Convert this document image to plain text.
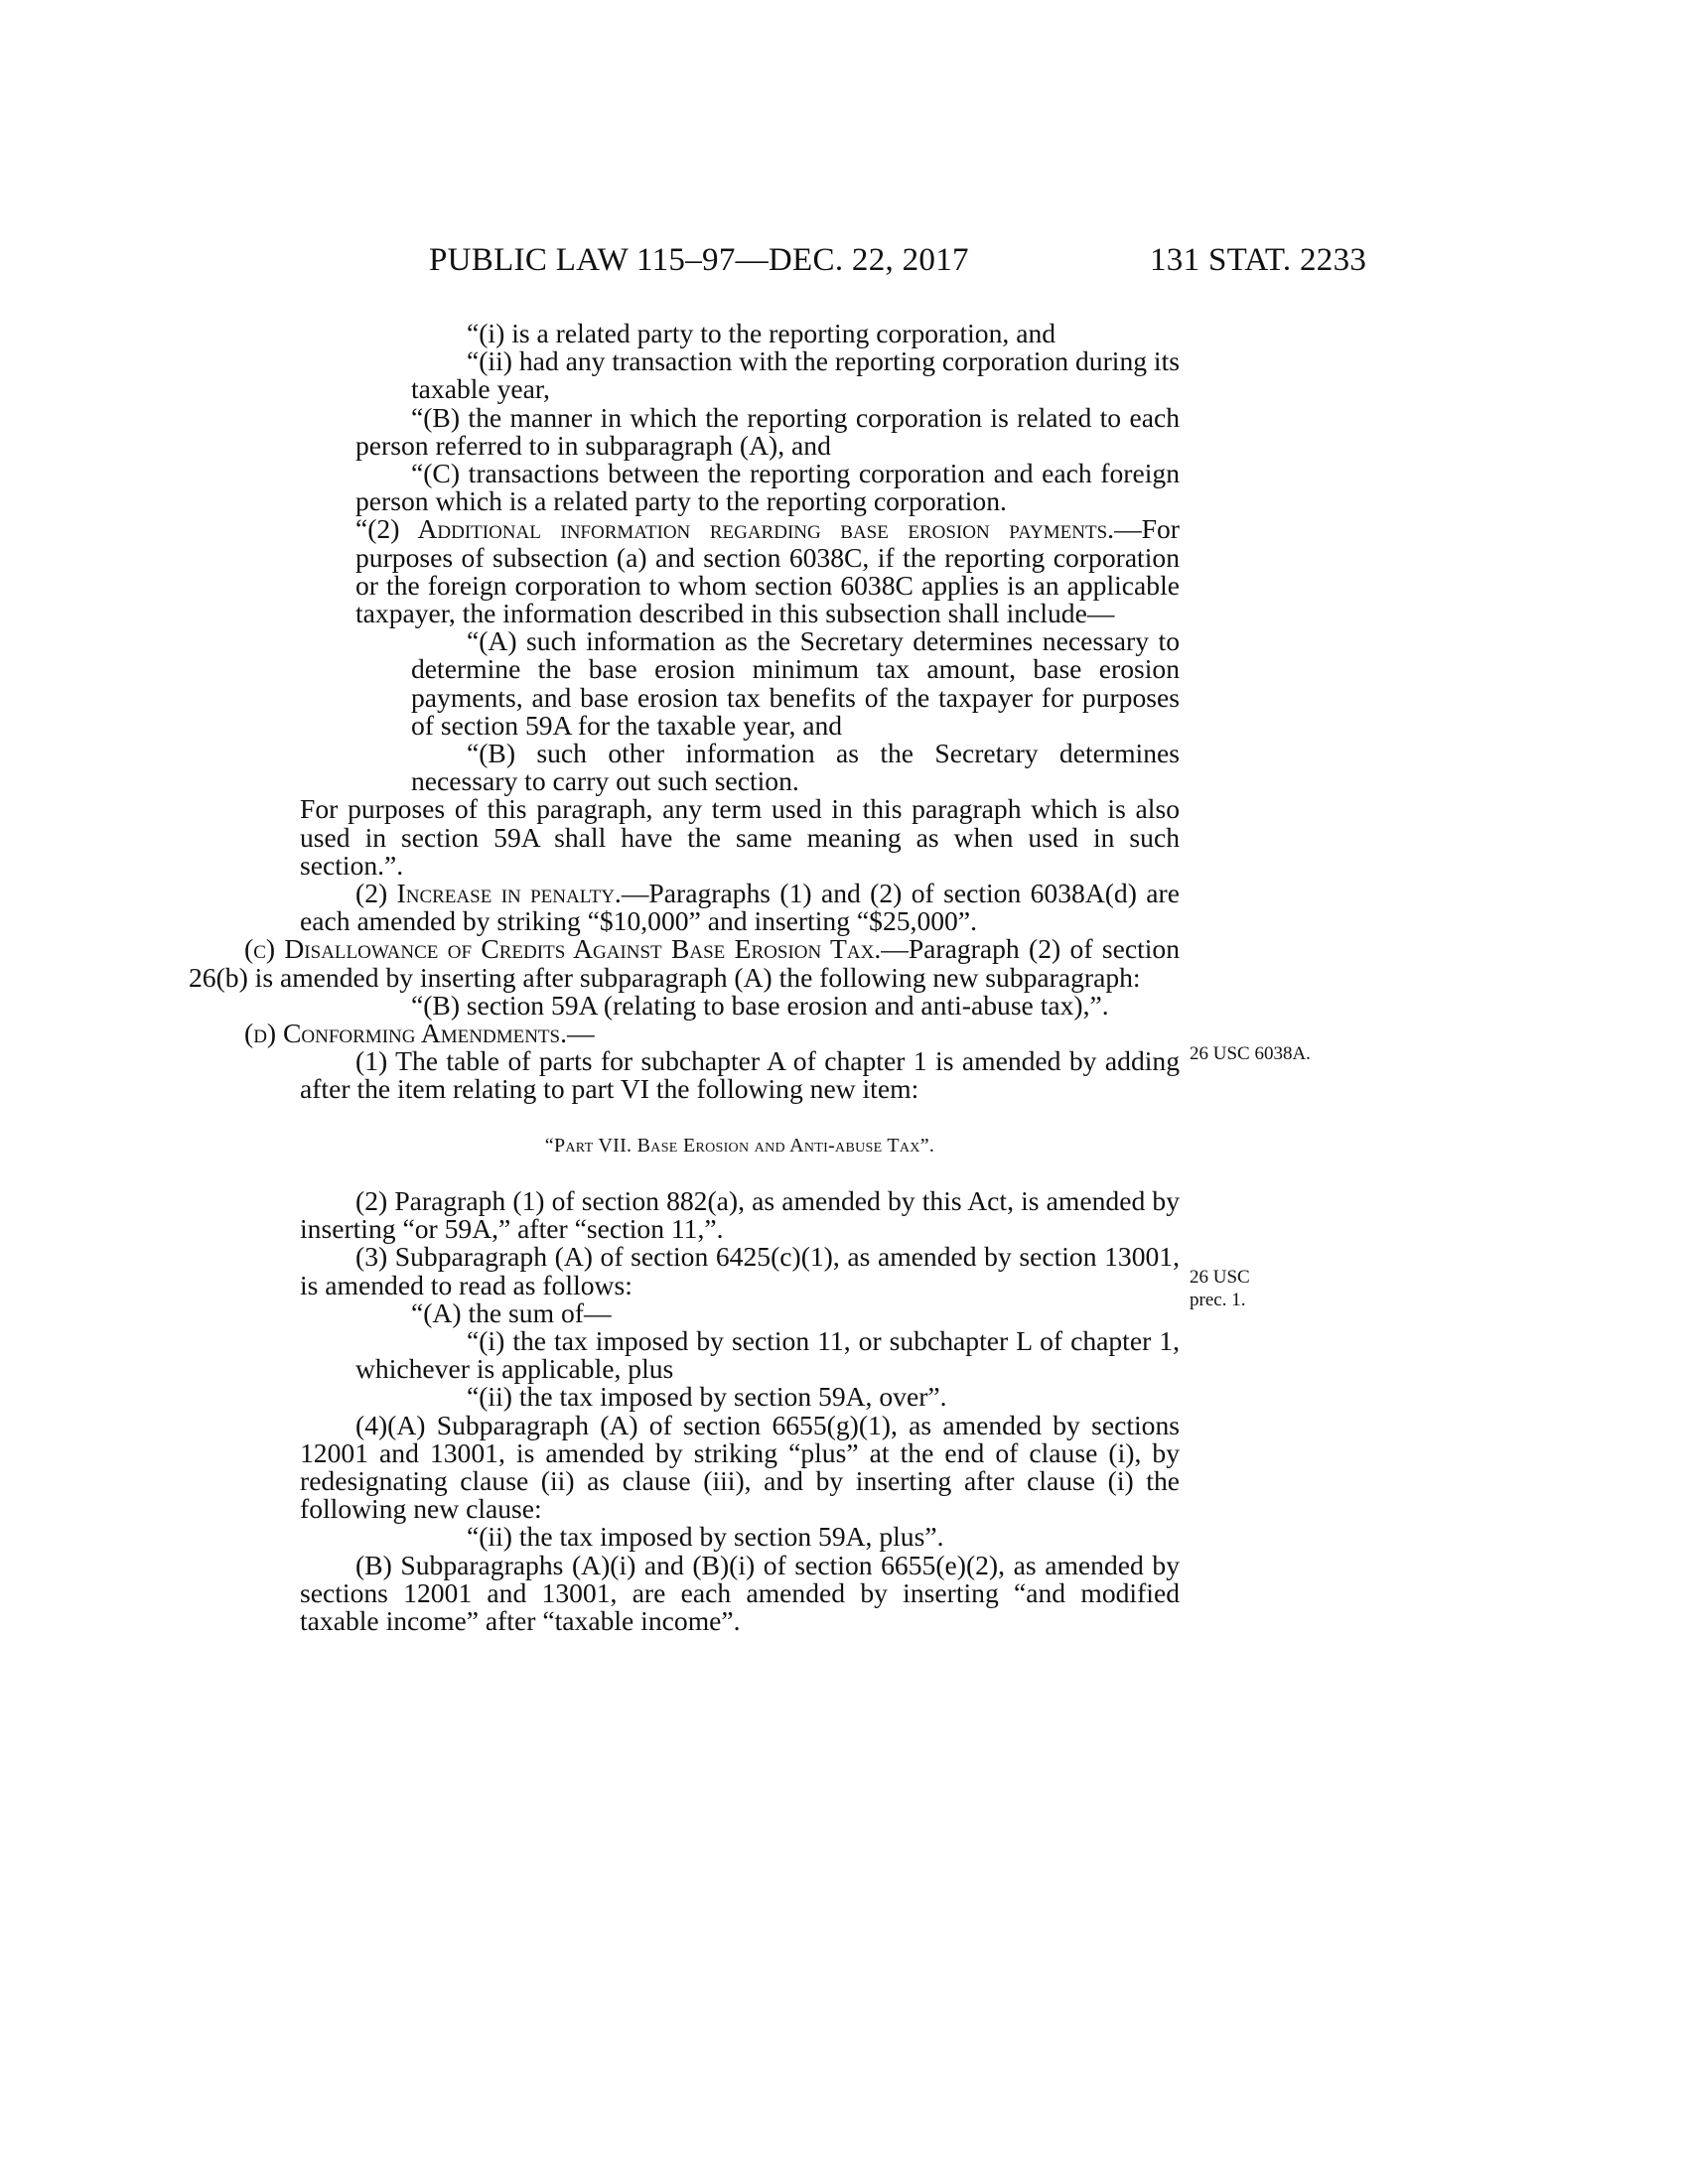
PUBLIC LAW 115–97—DEC. 22, 2017	131 STAT. 2233

“(i) is a related party to the reporting corporation, and

“(ii) had any transaction with the reporting corporation during its taxable year,

“(B) the manner in which the reporting corporation is related to each person referred to in subparagraph (A), and

“(C) transactions between the reporting corporation and each foreign person which is a related party to the reporting corporation.

“(2) Additional information regarding base erosion payments.—For purposes of subsection (a) and section 6038C, if the reporting corporation or the foreign corporation to whom section 6038C applies is an applicable taxpayer, the information described in this subsection shall include—

“(A) such information as the Secretary determines necessary to determine the base erosion minimum tax amount, base erosion payments, and base erosion tax benefits of the taxpayer for purposes of section 59A for the taxable year, and

“(B) such other information as the Secretary determines necessary to carry out such section.

For purposes of this paragraph, any term used in this paragraph which is also used in section 59A shall have the same meaning as when used in such section.”.

(2) Increase in penalty.—Paragraphs (1) and (2) of section 6038A(d) are each amended by striking “$10,000” and inserting “$25,000”.

(c) Disallowance of Credits Against Base Erosion Tax.—Paragraph (2) of section 26(b) is amended by inserting after subparagraph (A) the following new subparagraph:

“(B) section 59A (relating to base erosion and anti-abuse tax),”.

(d) Conforming Amendments.—

(1) The table of parts for subchapter A of chapter 1 is amended by adding after the item relating to part VI the following new item:

“Part VII. Base Erosion and Anti-abuse Tax”.

(2) Paragraph (1) of section 882(a), as amended by this Act, is amended by inserting “or 59A,” after “section 11,”.

(3) Subparagraph (A) of section 6425(c)(1), as amended by section 13001, is amended to read as follows:

“(A) the sum of—

“(i) the tax imposed by section 11, or subchapter L of chapter 1, whichever is applicable, plus

“(ii) the tax imposed by section 59A, over”.

(4)(A) Subparagraph (A) of section 6655(g)(1), as amended by sections 12001 and 13001, is amended by striking “plus” at the end of clause (i), by redesignating clause (ii) as clause (iii), and by inserting after clause (i) the following new clause:

“(ii) the tax imposed by section 59A, plus”.

(B) Subparagraphs (A)(i) and (B)(i) of section 6655(e)(2), as amended by sections 12001 and 13001, are each amended by inserting “and modified taxable income” after “taxable income”.

26 USC 6038A.
26 USC
prec. 1.
